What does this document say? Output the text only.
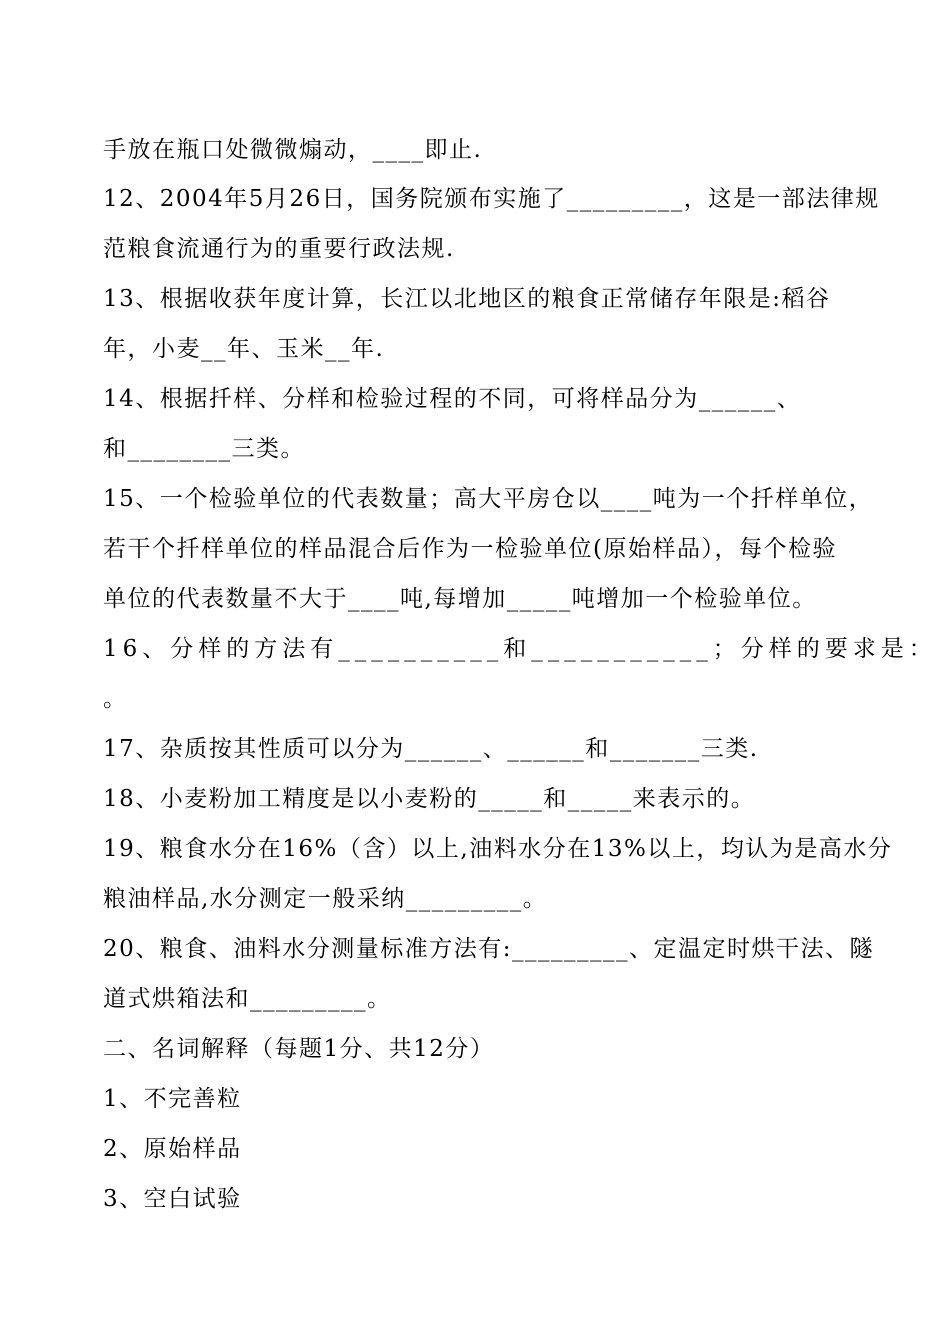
手放在瓶口处微微煽动，____即止.
12、2004年5月26日，国务院颁布实施了_________，这是一部法律规
范粮食流通行为的重要行政法规.
13、根据收获年度计算，长江以北地区的粮食正常储存年限是:稻谷
年，小麦__年、玉米__年.
14、根据扦样、分样和检验过程的不同，可将样品分为______、
和________三类。
15、一个检验单位的代表数量；高大平房仓以____吨为一个扦样单位，
若干个扦样单位的样品混合后作为一检验单位(原始样品），每个检验
单位的代表数量不大于____吨,每增加_____吨增加一个检验单位。
16、分样的方法有__________和___________；分样的要求是：
。
17、杂质按其性质可以分为______、______和_______三类.
18、小麦粉加工精度是以小麦粉的_____和_____来表示的。
19、粮食水分在16%（含）以上,油料水分在13%以上，均认为是高水分
粮油样品,水分测定一般采纳_________。
20、粮食、油料水分测量标准方法有:_________、定温定时烘干法、隧
道式烘箱法和_________。
二、名词解释（每题1分、共12分）
1、不完善粒
2、原始样品
3、空白试验
